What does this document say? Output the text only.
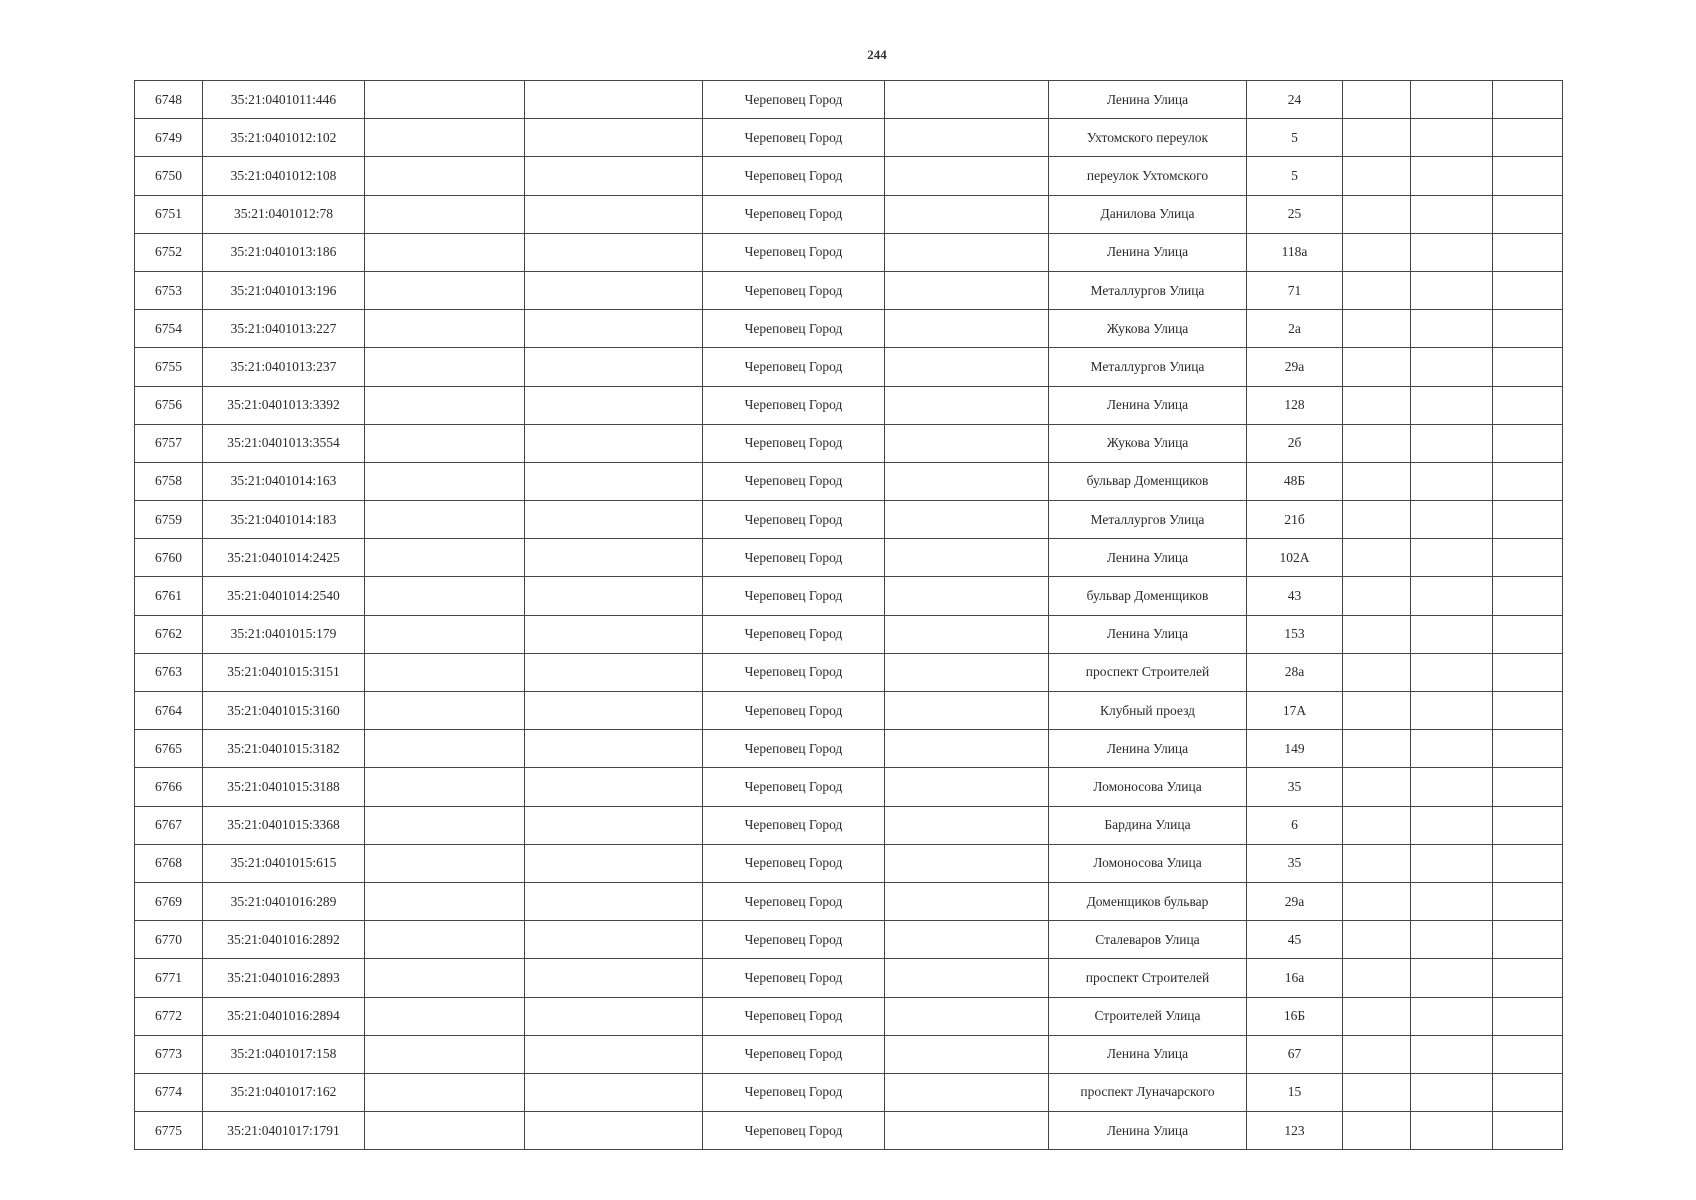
244
6748	35:21:0401011:446			Череповец Город		Ленина Улица	24			
6749	35:21:0401012:102			Череповец Город		Ухтомского переулок	5			
6750	35:21:0401012:108			Череповец Город		переулок Ухтомского	5			
6751	35:21:0401012:78			Череповец Город		Данилова Улица	25			
6752	35:21:0401013:186			Череповец Город		Ленина Улица	118а			
6753	35:21:0401013:196			Череповец Город		Металлургов Улица	71			
6754	35:21:0401013:227			Череповец Город		Жукова Улица	2а			
6755	35:21:0401013:237			Череповец Город		Металлургов Улица	29а			
6756	35:21:0401013:3392			Череповец Город		Ленина Улица	128			
6757	35:21:0401013:3554			Череповец Город		Жукова Улица	2б			
6758	35:21:0401014:163			Череповец Город		бульвар Доменщиков	48Б			
6759	35:21:0401014:183			Череповец Город		Металлургов Улица	21б			
6760	35:21:0401014:2425			Череповец Город		Ленина Улица	102А			
6761	35:21:0401014:2540			Череповец Город		бульвар Доменщиков	43			
6762	35:21:0401015:179			Череповец Город		Ленина Улица	153			
6763	35:21:0401015:3151			Череповец Город		проспект Строителей	28а			
6764	35:21:0401015:3160			Череповец Город		Клубный проезд	17А			
6765	35:21:0401015:3182			Череповец Город		Ленина Улица	149			
6766	35:21:0401015:3188			Череповец Город		Ломоносова Улица	35			
6767	35:21:0401015:3368			Череповец Город		Бардина Улица	6			
6768	35:21:0401015:615			Череповец Город		Ломоносова Улица	35			
6769	35:21:0401016:289			Череповец Город		Доменщиков бульвар	29а			
6770	35:21:0401016:2892			Череповец Город		Сталеваров Улица	45			
6771	35:21:0401016:2893			Череповец Город		проспект Строителей	16а			
6772	35:21:0401016:2894			Череповец Город		Строителей Улица	16Б			
6773	35:21:0401017:158			Череповец Город		Ленина Улица	67			
6774	35:21:0401017:162			Череповец Город		проспект Луначарского	15			
6775	35:21:0401017:1791			Череповец Город		Ленина Улица	123			
